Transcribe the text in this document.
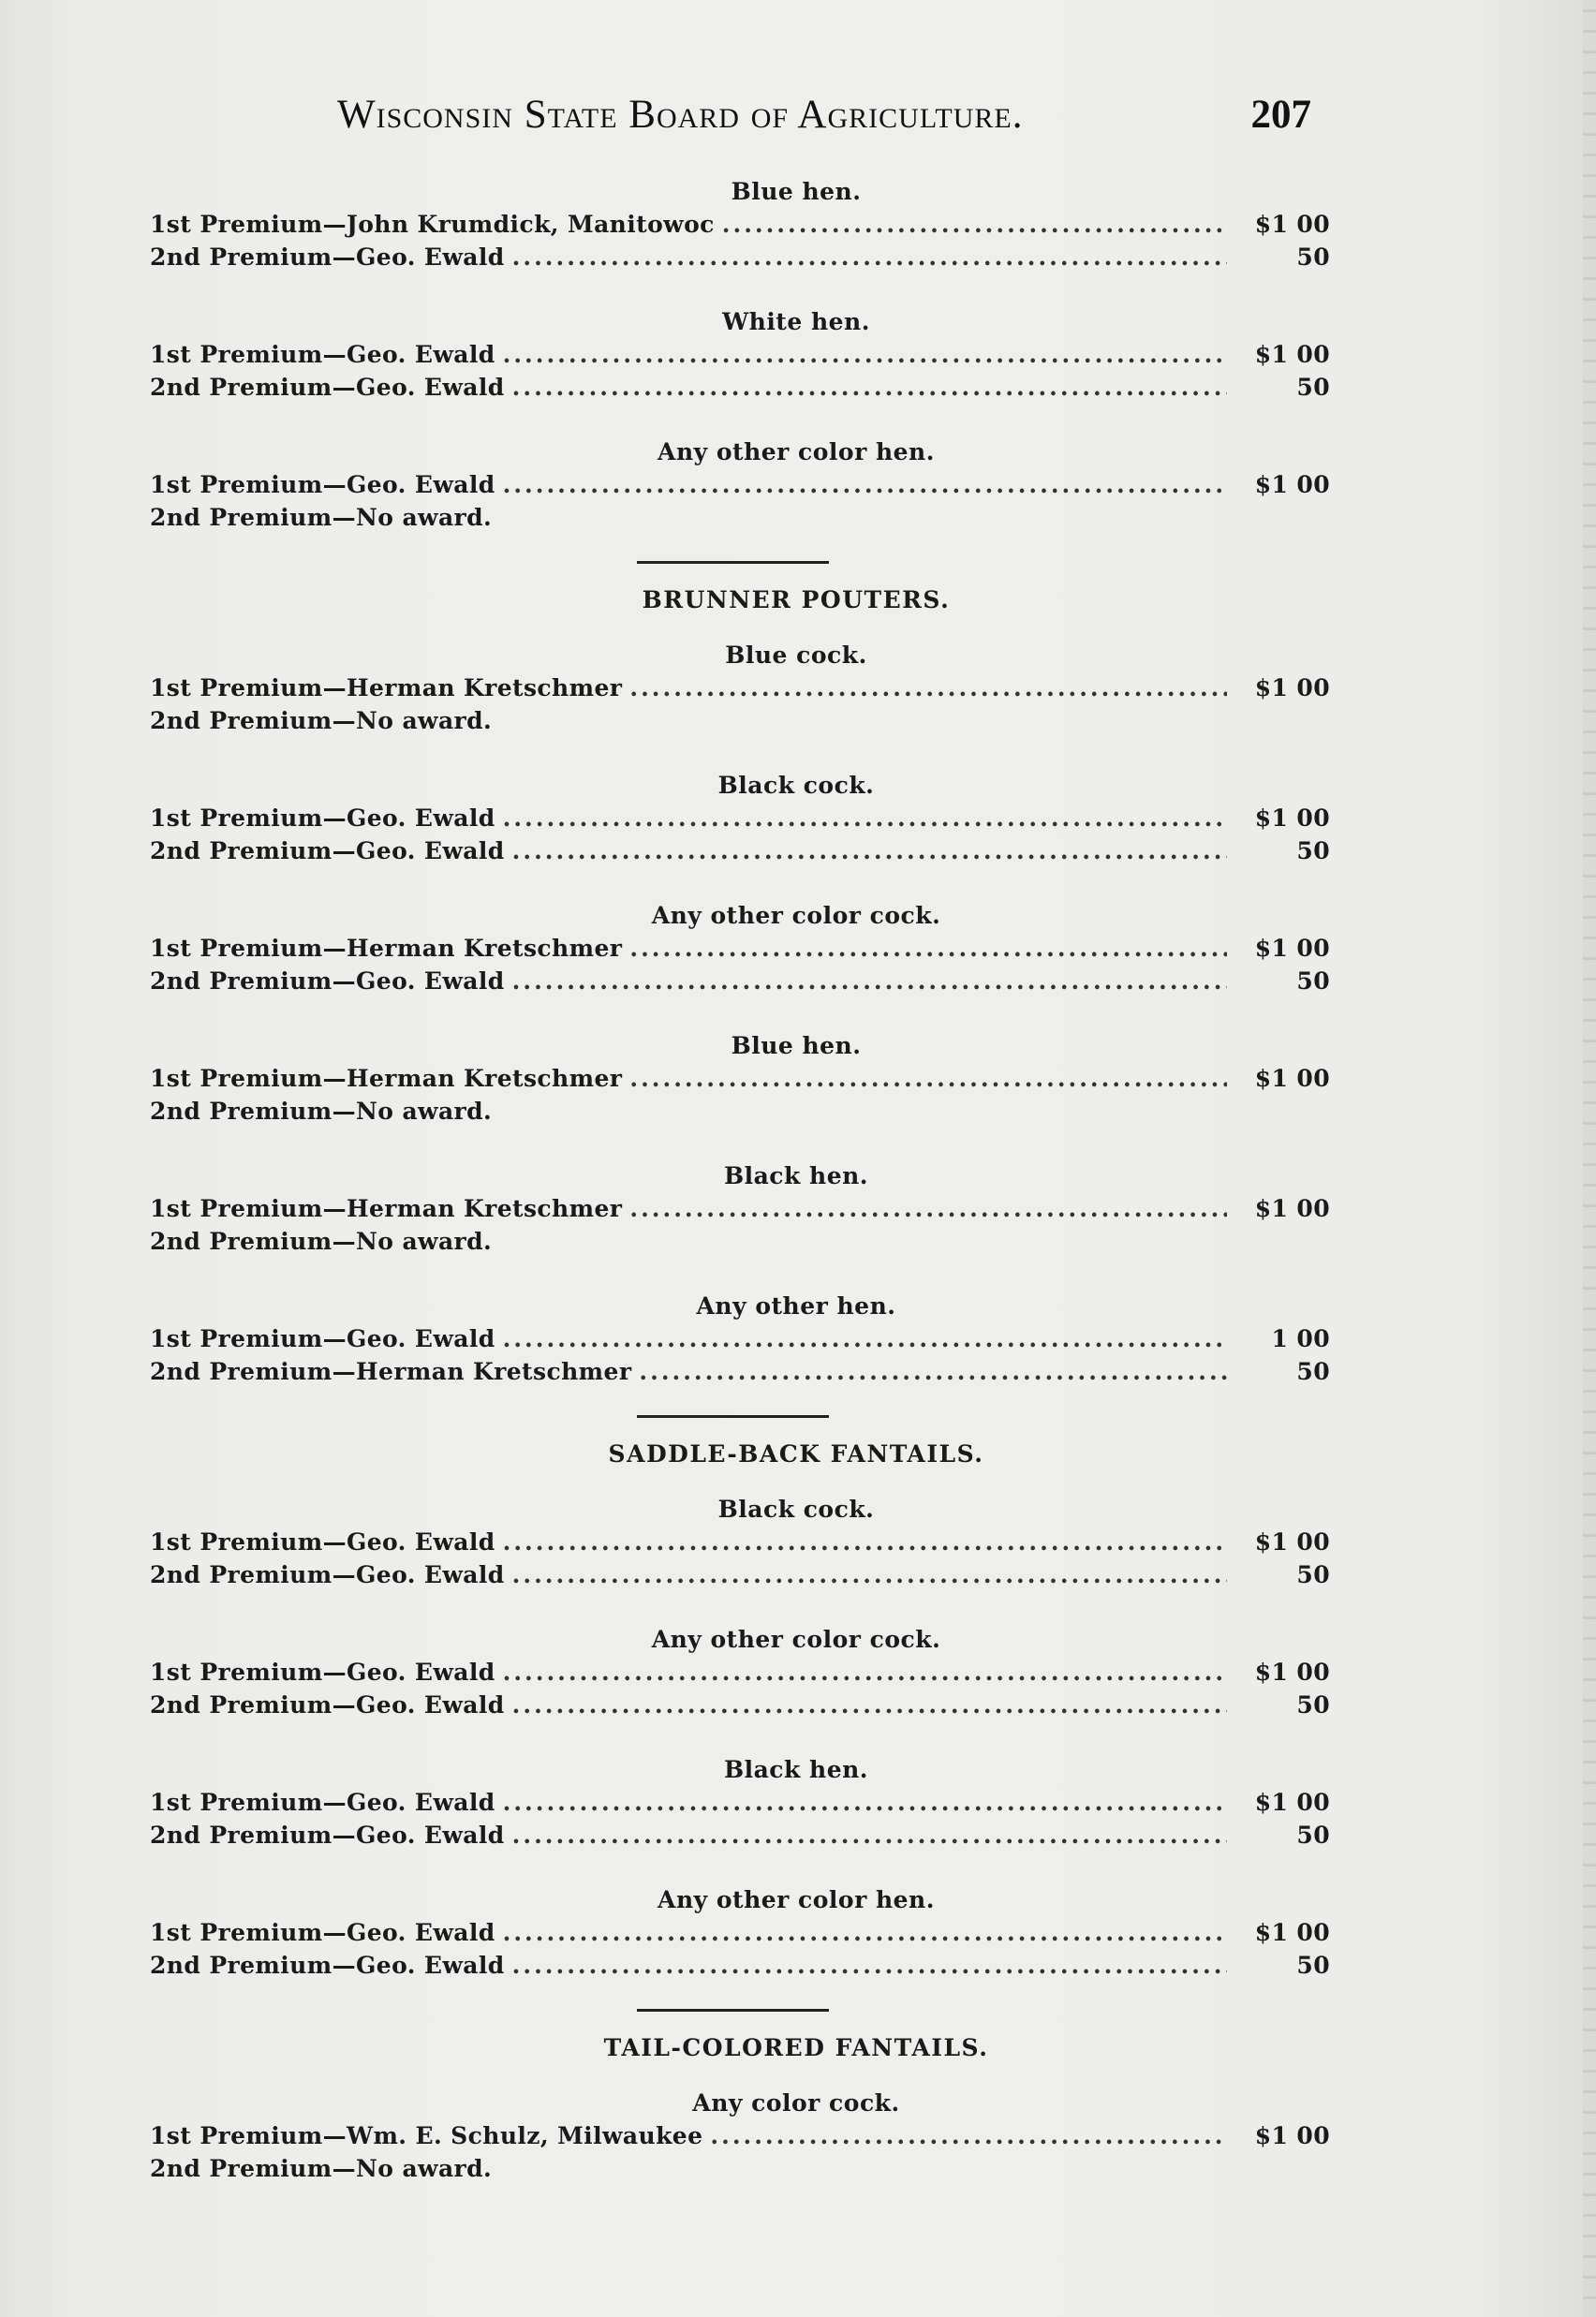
Wisconsin State Board of Agriculture.	207
Blue hen.
1st Premium—John Krumdick, Manitowoc .....	$1 00
2nd Premium—Geo. Ewald .....	50
White hen.
1st Premium—Geo. Ewald .....	$1 00
2nd Premium—Geo. Ewald .....	50
Any other color hen.
1st Premium—Geo. Ewald .....	$1 00
2nd Premium—No award.
BRUNNER POUTERS.
Blue cock.
1st Premium—Herman Kretschmer .....	$1 00
2nd Premium—No award.
Black cock.
1st Premium—Geo. Ewald .....	$1 00
2nd Premium—Geo. Ewald .....	50
Any other color cock.
1st Premium—Herman Kretschmer .....	$1 00
2nd Premium—Geo. Ewald .....	50
Blue hen.
1st Premium—Herman Kretschmer .....	$1 00
2nd Premium—No award.
Black hen.
1st Premium—Herman Kretschmer .....	$1 00
2nd Premium—No award.
Any other hen.
1st Premium—Geo. Ewald .....	1 00
2nd Premium—Herman Kretschmer .....	50
SADDLE-BACK FANTAILS.
Black cock.
1st Premium—Geo. Ewald .....	$1 00
2nd Premium—Geo. Ewald .....	50
Any other color cock.
1st Premium—Geo. Ewald .....	$1 00
2nd Premium—Geo. Ewald .....	50
Black hen.
1st Premium—Geo. Ewald .....	$1 00
2nd Premium—Geo. Ewald .....	50
Any other color hen.
1st Premium—Geo. Ewald .....	$1 00
2nd Premium—Geo. Ewald .....	50
TAIL-COLORED FANTAILS.
Any color cock.
1st Premium—Wm. E. Schulz, Milwaukee .....	$1 00
2nd Premium—No award.
